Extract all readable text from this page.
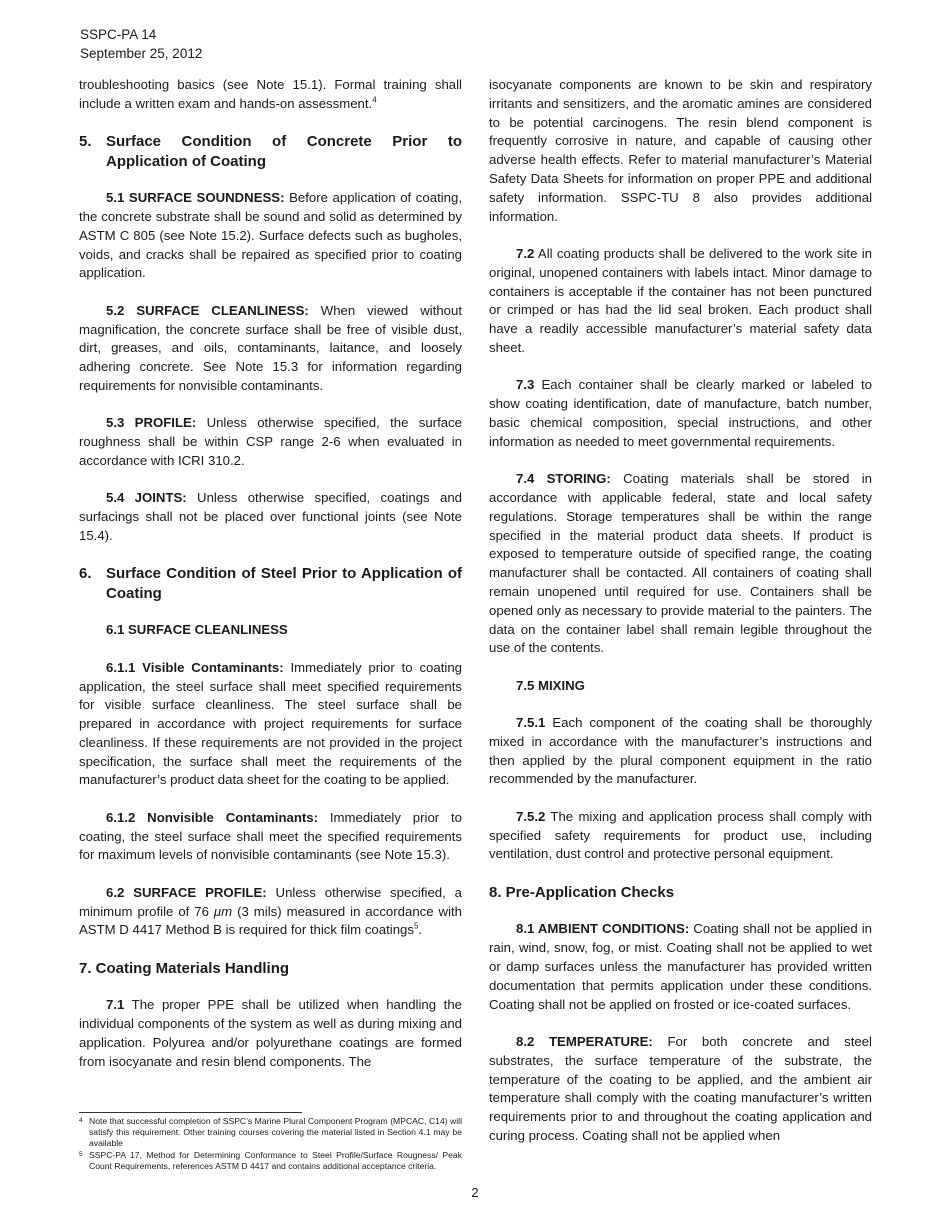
SSPC-PA 14
September 25, 2012

troubleshooting basics (see Note 15.1). Formal training shall include a written exam and hands-on assessment.$^4$

5. Surface Condition of Concrete Prior to Application of Coating

5.1 SURFACE SOUNDNESS: Before application of coating, the concrete substrate shall be sound and solid as determined by ASTM C 805 (see Note 15.2). Surface defects such as bugholes, voids, and cracks shall be repaired as specified prior to coating application.

5.2 SURFACE CLEANLINESS: When viewed without magnification, the concrete surface shall be free of visible dust, dirt, greases, and oils, contaminants, laitance, and loosely adhering concrete. See Note 15.3 for information regarding requirements for nonvisible contaminants.

5.3 PROFILE: Unless otherwise specified, the surface roughness shall be within CSP range 2-6 when evaluated in accordance with ICRI 310.2.

5.4 JOINTS: Unless otherwise specified, coatings and surfacings shall not be placed over functional joints (see Note 15.4).

6. Surface Condition of Steel Prior to Application of Coating

6.1 SURFACE CLEANLINESS

6.1.1 Visible Contaminants: Immediately prior to coating application, the steel surface shall meet specified requirements for visible surface cleanliness. The steel surface shall be prepared in accordance with project requirements for surface cleanliness. If these requirements are not provided in the project specification, the surface shall meet the requirements of the manufacturer’s product data sheet for the coating to be applied.

6.1.2 Nonvisible Contaminants: Immediately prior to coating, the steel surface shall meet the specified requirements for maximum levels of nonvisible contaminants (see Note 15.3).

6.2 SURFACE PROFILE: Unless otherwise specified, a minimum profile of 76 μm (3 mils) measured in accordance with ASTM D 4417 Method B is required for thick film coatings$^5$.

7. Coating Materials Handling

7.1 The proper PPE shall be utilized when handling the individual components of the system as well as during mixing and application. Polyurea and/or polyurethane coatings are formed from isocyanate and resin blend components. The

isocyanate components are known to be skin and respiratory irritants and sensitizers, and the aromatic amines are considered to be potential carcinogens. The resin blend component is frequently corrosive in nature, and capable of causing other adverse health effects. Refer to material manufacturer’s Material Safety Data Sheets for information on proper PPE and additional safety information. SSPC-TU 8 also provides additional information.

7.2 All coating products shall be delivered to the work site in original, unopened containers with labels intact. Minor damage to containers is acceptable if the container has not been punctured or crimped or has had the lid seal broken. Each product shall have a readily accessible manufacturer’s material safety data sheet.

7.3 Each container shall be clearly marked or labeled to show coating identification, date of manufacture, batch number, basic chemical composition, special instructions, and other information as needed to meet governmental requirements.

7.4 STORING: Coating materials shall be stored in accordance with applicable federal, state and local safety regulations. Storage temperatures shall be within the range specified in the material product data sheets. If product is exposed to temperature outside of specified range, the coating manufacturer shall be contacted. All containers of coating shall remain unopened until required for use. Containers shall be opened only as necessary to provide material to the painters. The data on the container label shall remain legible throughout the use of the contents.

7.5 MIXING

7.5.1 Each component of the coating shall be thoroughly mixed in accordance with the manufacturer’s instructions and then applied by the plural component equipment in the ratio recommended by the manufacturer.

7.5.2 The mixing and application process shall comply with specified safety requirements for product use, including ventilation, dust control and protective personal equipment.

8. Pre-Application Checks

8.1 AMBIENT CONDITIONS: Coating shall not be applied in rain, wind, snow, fog, or mist. Coating shall not be applied to wet or damp surfaces unless the manufacturer has provided written documentation that permits application under these conditions. Coating shall not be applied on frosted or ice-coated surfaces.

8.2 TEMPERATURE: For both concrete and steel substrates, the surface temperature of the substrate, the temperature of the coating to be applied, and the ambient air temperature shall comply with the coating manufacturer’s written requirements prior to and throughout the coating application and curing process. Coating shall not be applied when

4 Note that successful completion of SSPC’s Marine Plural Component Program (MPCAC, C14) will satisfy this requirement. Other training courses covering the material listed in Section 4.1 may be available
5 SSPC-PA 17, Method for Determining Conformance to Steel Profile/Surface Rougness/ Peak Count Requirements, references ASTM D 4417 and contains additional acceptance criteria.
2
